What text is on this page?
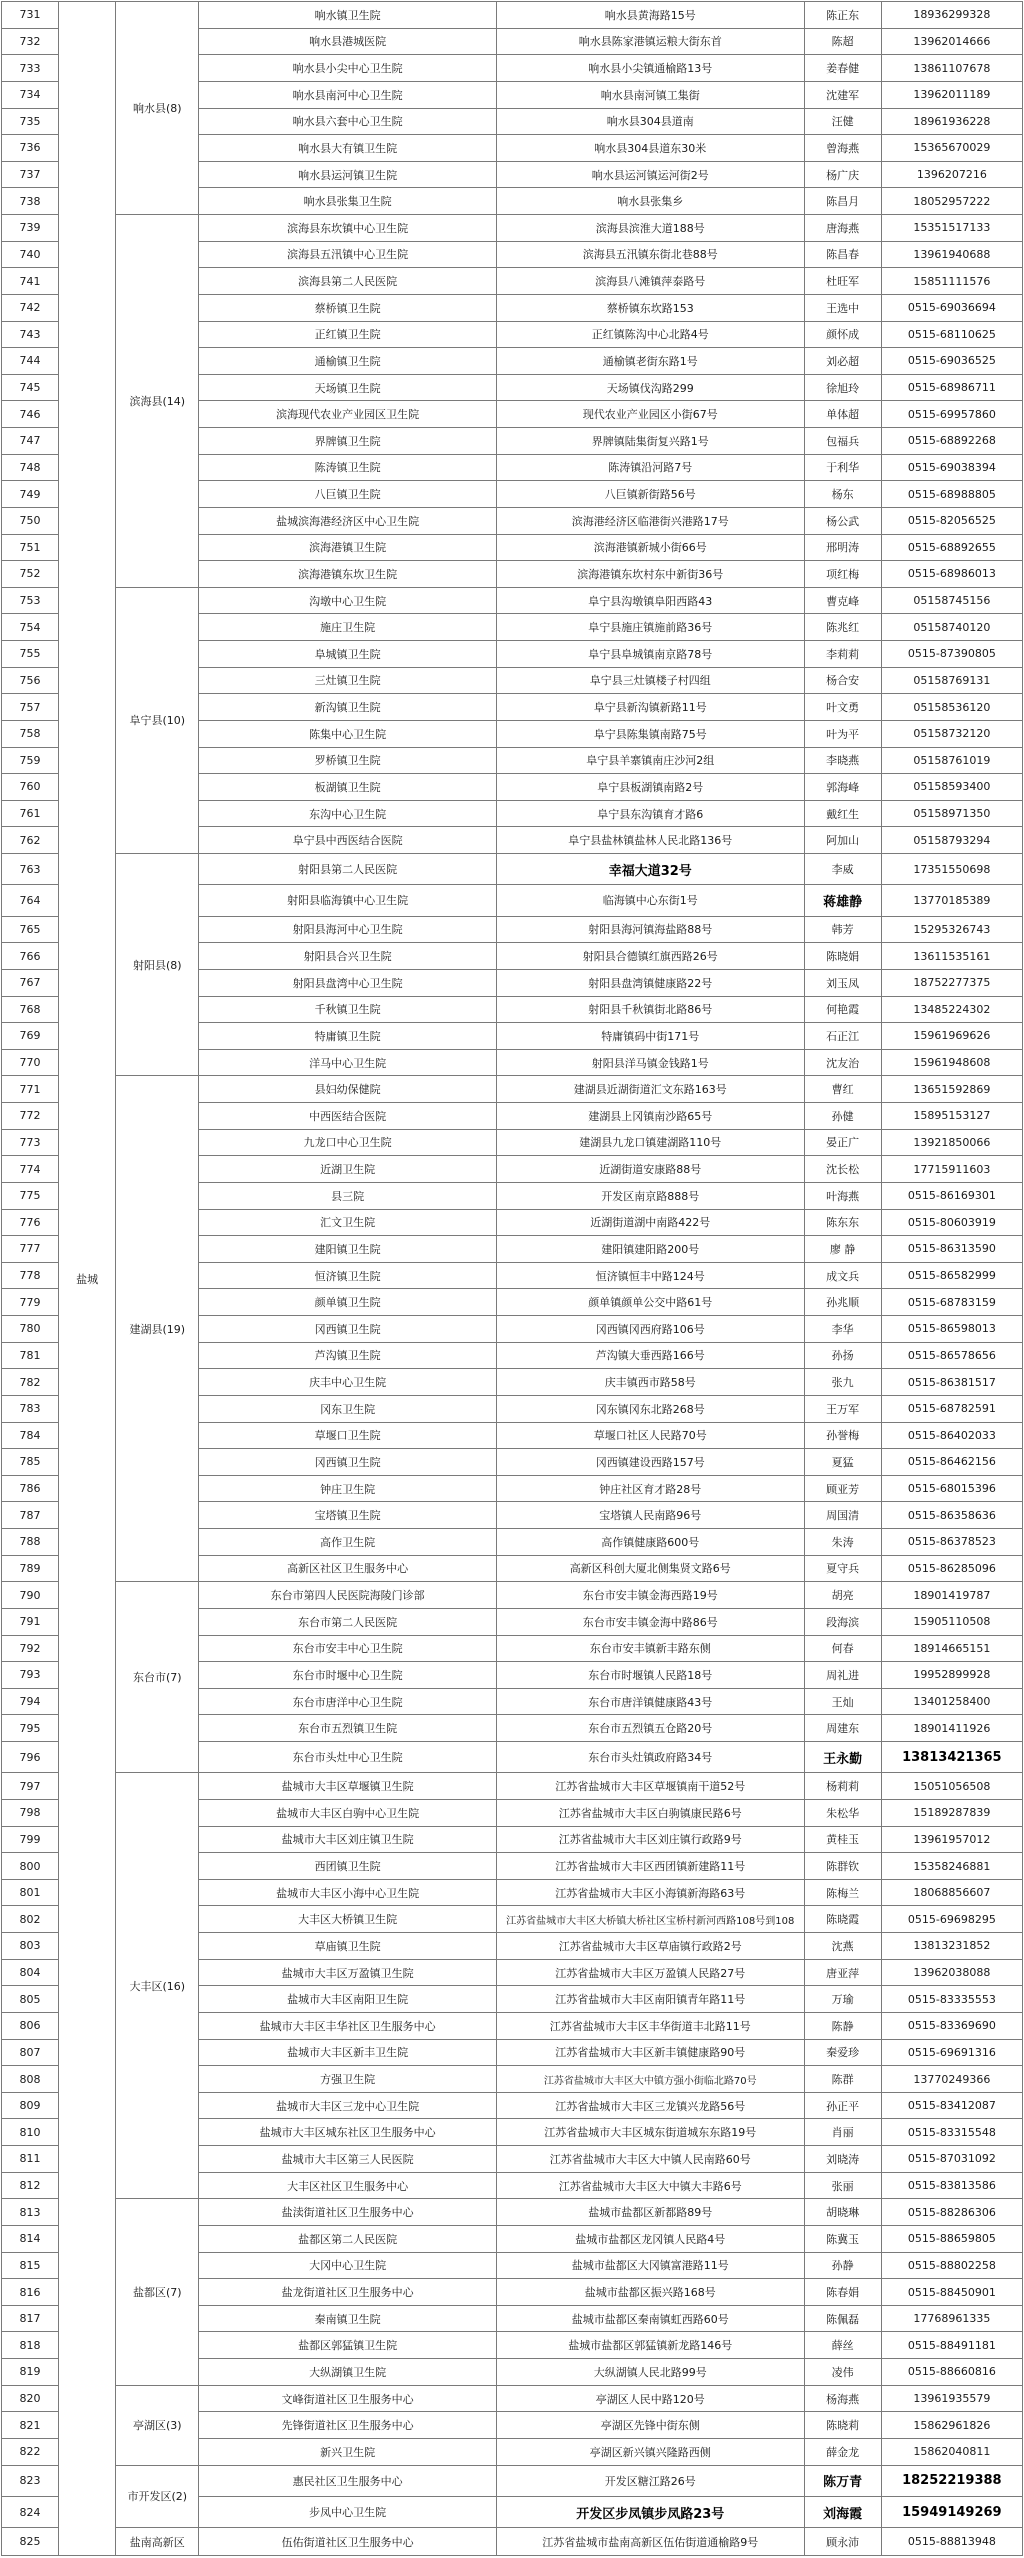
731	盐城	响水县(8)	响水镇卫生院	响水县黄海路15号	陈正东	18936299328
732			响水县港城医院	响水县陈家港镇运粮大街东首	陈超	13962014666
733			响水县小尖中心卫生院	响水县小尖镇通榆路13号	姜春健	13861107678
734			响水县南河中心卫生院	响水县南河镇工集街	沈建军	13962011189
735			响水县六套中心卫生院	响水县304县道南	汪健	18961936228
736			响水县大有镇卫生院	响水县304县道东30米	曾海燕	15365670029
737			响水县运河镇卫生院	响水县运河镇运河街2号	杨广庆	1396207216
738			响水县张集卫生院	响水县张集乡	陈昌月	18052957222
739		滨海县(14)	滨海县东坎镇中心卫生院	滨海县滨淮大道188号	唐海燕	15351517133
740			滨海县五汛镇中心卫生院	滨海县五汛镇东街北巷88号	陈昌春	13961940688
741			滨海县第二人民医院	滨海县八滩镇萍泰路号	杜旺军	15851111576
742			蔡桥镇卫生院	蔡桥镇东坎路153	王选中	0515-69036694
743			正红镇卫生院	正红镇陈沟中心北路4号	颜怀成	0515-68110625
744			通榆镇卫生院	通榆镇老街东路1号	刘必超	0515-69036525
745			天场镇卫生院	天场镇伐沟路299	徐旭玲	0515-68986711
746			滨海现代农业产业园区卫生院	现代农业产业园区小街67号	单体超	0515-69957860
747			界牌镇卫生院	界牌镇陆集街复兴路1号	包福兵	0515-68892268
748			陈涛镇卫生院	陈涛镇沿河路7号	于利华	0515-69038394
749			八巨镇卫生院	八巨镇新街路56号	杨东	0515-68988805
750			盐城滨海港经济区中心卫生院	滨海港经济区临港街兴港路17号	杨公武	0515-82056525
751			滨海港镇卫生院	滨海港镇新城小街66号	邢明涛	0515-68892655
752			滨海港镇东坎卫生院	滨海港镇东坎村东中新街36号	项红梅	0515-68986013
753		阜宁县(10)	沟墩中心卫生院	阜宁县沟墩镇阜阳西路43	曹克峰	05158745156
754			施庄卫生院	阜宁县施庄镇施前路36号	陈兆红	05158740120
755			阜城镇卫生院	阜宁县阜城镇南京路78号	李莉莉	0515-87390805
756			三灶镇卫生院	阜宁县三灶镇楼子村四组	杨合安	05158769131
757			新沟镇卫生院	阜宁县新沟镇新路11号	叶文勇	05158536120
758			陈集中心卫生院	阜宁县陈集镇南路75号	叶为平	05158732120
759			罗桥镇卫生院	阜宁县羊寨镇南庄沙河2组	李晓燕	05158761019
760			板湖镇卫生院	阜宁县板湖镇南路2号	郭海峰	05158593400
761			东沟中心卫生院	阜宁县东沟镇育才路6	戴红生	05158971350
762			阜宁县中西医结合医院	阜宁县盐林镇盐林人民北路136号	阿加山	05158793294
763		射阳县(8)	射阳县第二人民医院	幸福大道32号	李威	17351550698
764			射阳县临海镇中心卫生院	临海镇中心东街1号	蒋雄静	13770185389
765			射阳县海河中心卫生院	射阳县海河镇海盐路88号	韩芳	15295326743
766			射阳县合兴卫生院	射阳县合德镇红旗西路26号	陈晓娟	13611535161
767			射阳县盘湾中心卫生院	射阳县盘湾镇健康路22号	刘玉凤	18752277375
768			千秋镇卫生院	射阳县千秋镇街北路86号	何艳霞	13485224302
769			特庸镇卫生院	特庸镇码中街171号	石正江	15961969626
770			洋马中心卫生院	射阳县洋马镇金钱路1号	沈友治	15961948608
771		建湖县(19)	县妇幼保健院	建湖县近湖街道汇文东路163号	曹红	13651592869
772			中西医结合医院	建湖县上冈镇南沙路65号	孙健	15895153127
773			九龙口中心卫生院	建湖县九龙口镇建湖路110号	晏正广	13921850066
774			近湖卫生院	近湖街道安康路88号	沈长松	17715911603
775			县三院	开发区南京路888号	叶海燕	0515-86169301
776			汇文卫生院	近湖街道湖中南路422号	陈东东	0515-80603919
777			建阳镇卫生院	建阳镇建阳路200号	廖 静	0515-86313590
778			恒济镇卫生院	恒济镇恒丰中路124号	成文兵	0515-86582999
779			颜单镇卫生院	颜单镇颜单公交中路61号	孙兆顺	0515-68783159
780			冈西镇卫生院	冈西镇冈西府路106号	李华	0515-86598013
781			芦沟镇卫生院	芦沟镇大垂西路166号	孙扬	0515-86578656
782			庆丰中心卫生院	庆丰镇西市路58号	张九	0515-86381517
783			冈东卫生院	冈东镇冈东北路268号	王万军	0515-68782591
784			草堰口卫生院	草堰口社区人民路70号	孙誉梅	0515-86402033
785			冈西镇卫生院	冈西镇建设西路157号	夏猛	0515-86462156
786			钟庄卫生院	钟庄社区育才路28号	顾亚芳	0515-68015396
787			宝塔镇卫生院	宝塔镇人民南路96号	周国清	0515-86358636
788			高作卫生院	高作镇健康路600号	朱涛	0515-86378523
789			高新区社区卫生服务中心	高新区科创大厦北侧集贤文路6号	夏守兵	0515-86285096
790		东台市(7)	东台市第四人民医院海陵门诊部	东台市安丰镇金海西路19号	胡亮	18901419787
791			东台市第二人民医院	东台市安丰镇金海中路86号	段海滨	15905110508
792			东台市安丰中心卫生院	东台市安丰镇新丰路东侧	何春	18914665151
793			东台市时堰中心卫生院	东台市时堰镇人民路18号	周礼进	19952899928
794			东台市唐洋中心卫生院	东台市唐洋镇健康路43号	王灿	13401258400
795			东台市五烈镇卫生院	东台市五烈镇五仓路20号	周建东	18901411926
796			东台市头灶中心卫生院	东台市头灶镇政府路34号	王永勤	13813421365
797		大丰区(16)	盐城市大丰区草堰镇卫生院	江苏省盐城市大丰区草堰镇南干道52号	杨莉莉	15051056508
798			盐城市大丰区白驹中心卫生院	江苏省盐城市大丰区白驹镇康民路6号	朱松华	15189287839
799			盐城市大丰区刘庄镇卫生院	江苏省盐城市大丰区刘庄镇行政路9号	黄桂玉	13961957012
800			西团镇卫生院	江苏省盐城市大丰区西团镇新建路11号	陈群钦	15358246881
801			盐城市大丰区小海中心卫生院	江苏省盐城市大丰区小海镇新海路63号	陈梅兰	18068856607
802			大丰区大桥镇卫生院	江苏省盐城市大丰区大桥镇大桥社区宝桥村新河西路108号到108	陈晓霞	0515-69698295
803			草庙镇卫生院	江苏省盐城市大丰区草庙镇行政路2号	沈燕	13813231852
804			盐城市大丰区万盈镇卫生院	江苏省盐城市大丰区万盈镇人民路27号	唐亚萍	13962038088
805			盐城市大丰区南阳卫生院	江苏省盐城市大丰区南阳镇青年路11号	万瑜	0515-83335553
806			盐城市大丰区丰华社区卫生服务中心	江苏省盐城市大丰区丰华街道丰北路11号	陈静	0515-83369690
807			盐城市大丰区新丰卫生院	江苏省盐城市大丰区新丰镇健康路90号	秦爱珍	0515-69691316
808			方强卫生院	江苏省盐城市大丰区大中镇方强小街临北路70号	陈群	13770249366
809			盐城市大丰区三龙中心卫生院	江苏省盐城市大丰区三龙镇兴龙路56号	孙正平	0515-83412087
810			盐城市大丰区城东社区卫生服务中心	江苏省盐城市大丰区城东街道城东东路19号	肖丽	0515-83315548
811			盐城市大丰区第三人民医院	江苏省盐城市大丰区大中镇人民南路60号	刘晓涛	0515-87031092
812			大丰区社区卫生服务中心	江苏省盐城市大丰区大中镇大丰路6号	张丽	0515-83813586
813		盐都区(7)	盐渎街道社区卫生服务中心	盐城市盐都区新都路89号	胡晓琳	0515-88286306
814			盐都区第二人民医院	盐城市盐都区龙冈镇人民路4号	陈冀玉	0515-88659805
815			大冈中心卫生院	盐城市盐都区大冈镇富港路11号	孙静	0515-88802258
816			盐龙街道社区卫生服务中心	盐城市盐都区振兴路168号	陈春娟	0515-88450901
817			秦南镇卫生院	盐城市盐都区秦南镇虹西路60号	陈佩磊	17768961335
818			盐都区郭猛镇卫生院	盐城市盐都区郭猛镇新龙路146号	薛丝	0515-88491181
819			大纵湖镇卫生院	大纵湖镇人民北路99号	凌伟	0515-88660816
820		亭湖区(3)	文峰街道社区卫生服务中心	亭湖区人民中路120号	杨海燕	13961935579
821			先锋街道社区卫生服务中心	亭湖区先锋中街东侧	陈晓莉	15862961826
822			新兴卫生院	亭湖区新兴镇兴隆路西侧	薛金龙	15862040811
823		市开发区(2)	惠民社区卫生服务中心	开发区糖江路26号	陈万青	18252219388
824			步凤中心卫生院	开发区步凤镇步凤路23号	刘海霞	15949149269
825		盐南高新区	伍佑街道社区卫生服务中心	江苏省盐城市盐南高新区伍佑街道通榆路9号	顾永沛	0515-88813948
